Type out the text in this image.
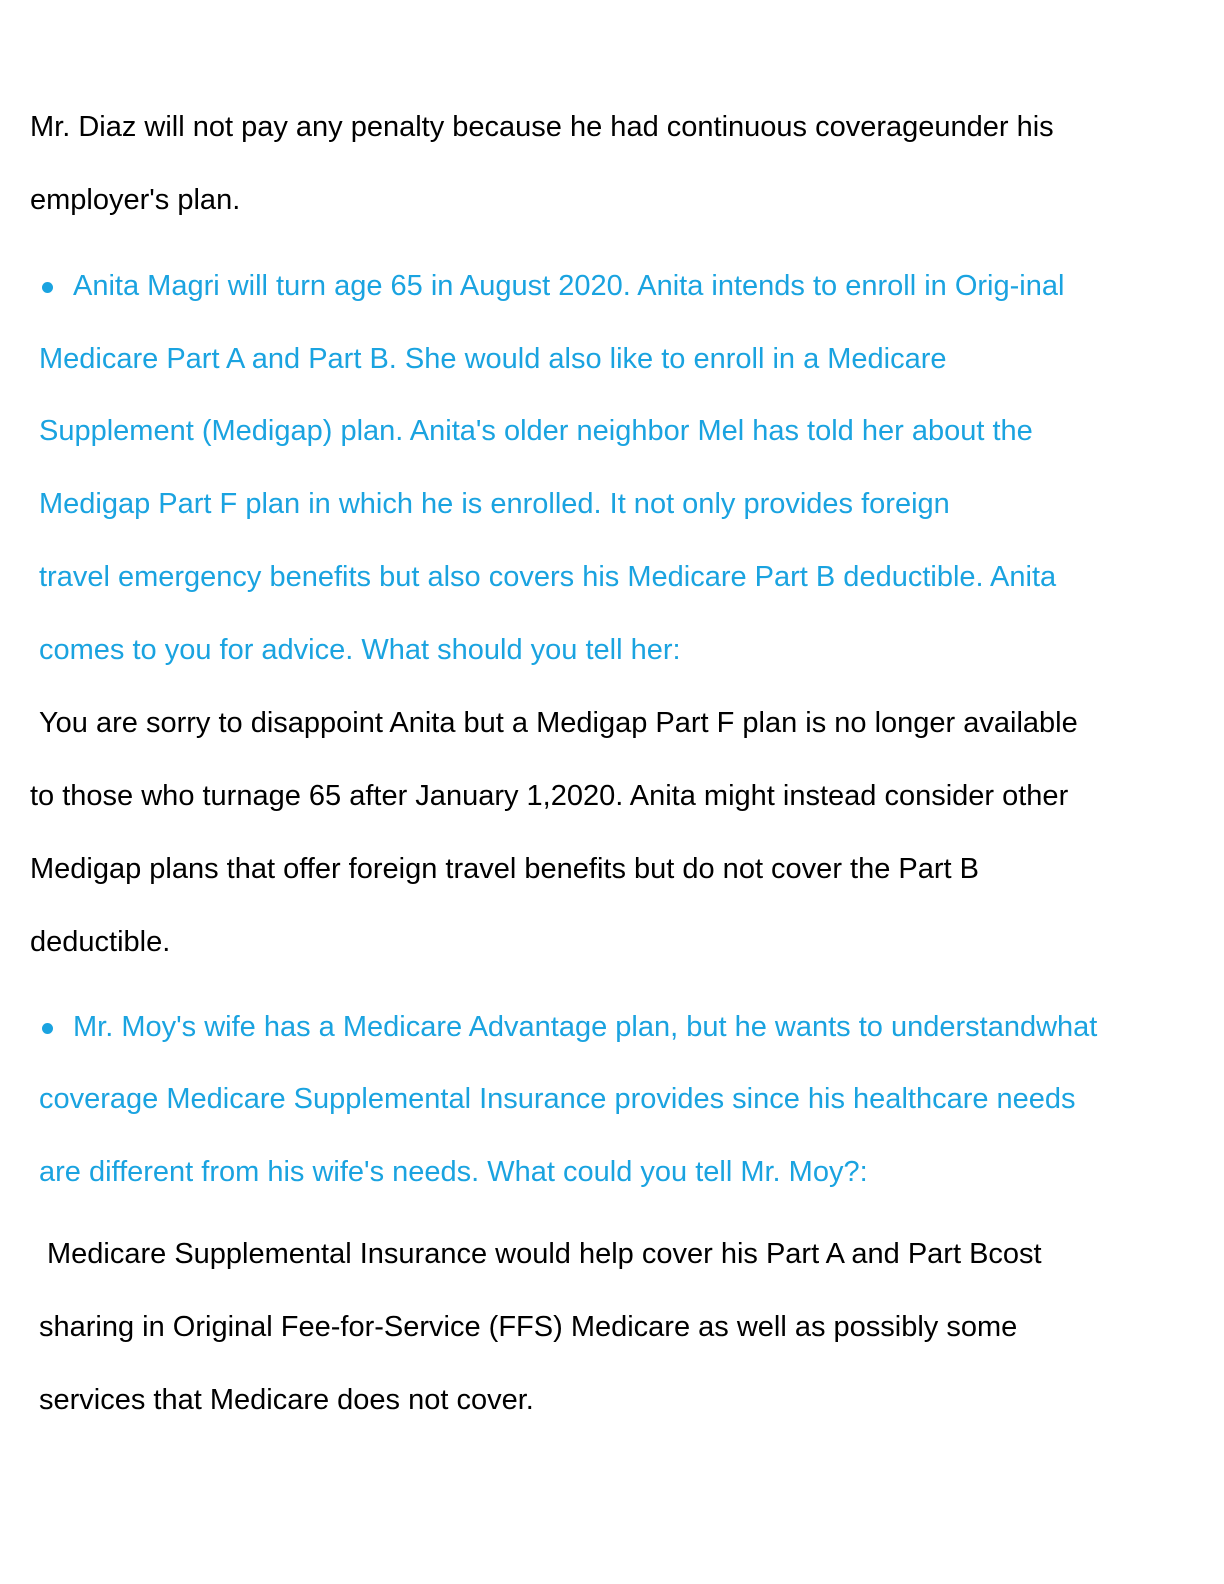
Mr. Diaz will not pay any penalty because he had continuous coverageunder his

employer's plan.

Anita Magri will turn age 65 in August 2020. Anita intends to enroll in Orig-inal

Medicare Part A and Part B. She would also like to enroll in a Medicare

Supplement (Medigap) plan. Anita's older neighbor Mel has told her about the

Medigap Part F plan in which he is enrolled. It not only provides foreign

travel emergency benefits but also covers his Medicare Part B deductible. Anita

comes to you for advice. What should you tell her:

You are sorry to disappoint Anita but a Medigap Part F plan is no longer available

to those who turnage 65 after January 1,2020. Anita might instead consider other

Medigap plans that offer foreign travel benefits but do not cover the Part B

deductible.

Mr. Moy's wife has a Medicare Advantage plan, but he wants to understandwhat

coverage Medicare Supplemental Insurance provides since his healthcare needs

are different from his wife's needs. What could you tell Mr. Moy?:

Medicare Supplemental Insurance would help cover his Part A and Part Bcost

sharing in Original Fee-for-Service (FFS) Medicare as well as possibly some

services that Medicare does not cover.
